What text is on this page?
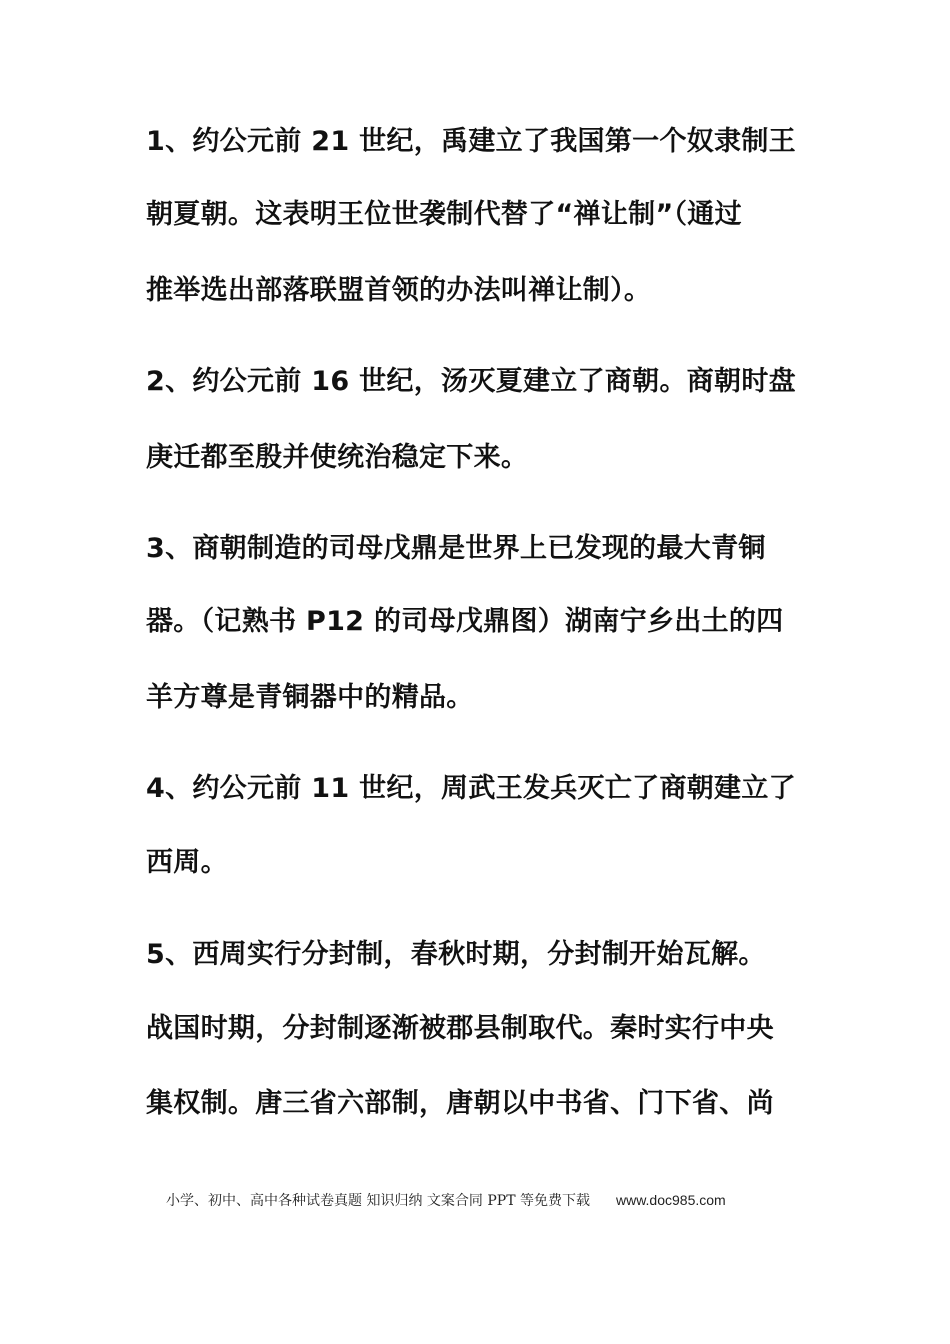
1、约公元前 21 世纪，禹建立了我国第一个奴隶制王
朝夏朝。这表明王位世袭制代替了“禅让制”（通过
推举选出部落联盟首领的办法叫禅让制）。
2、约公元前 16 世纪，汤灭夏建立了商朝。商朝时盘
庚迁都至殷并使统治稳定下来。
3、商朝制造的司母戊鼎是世界上已发现的最大青铜
器。（记熟书 P12 的司母戊鼎图）湖南宁乡出土的四
羊方尊是青铜器中的精品。
4、约公元前 11 世纪，周武王发兵灭亡了商朝建立了
西周。
5、西周实行分封制，春秋时期，分封制开始瓦解。
战国时期，分封制逐渐被郡县制取代。秦时实行中央
集权制。唐三省六部制，唐朝以中书省、门下省、尚
小学、初中、高中各种试卷真题 知识归纳 文案合同 PPT 等免费下载 www.doc985.com
